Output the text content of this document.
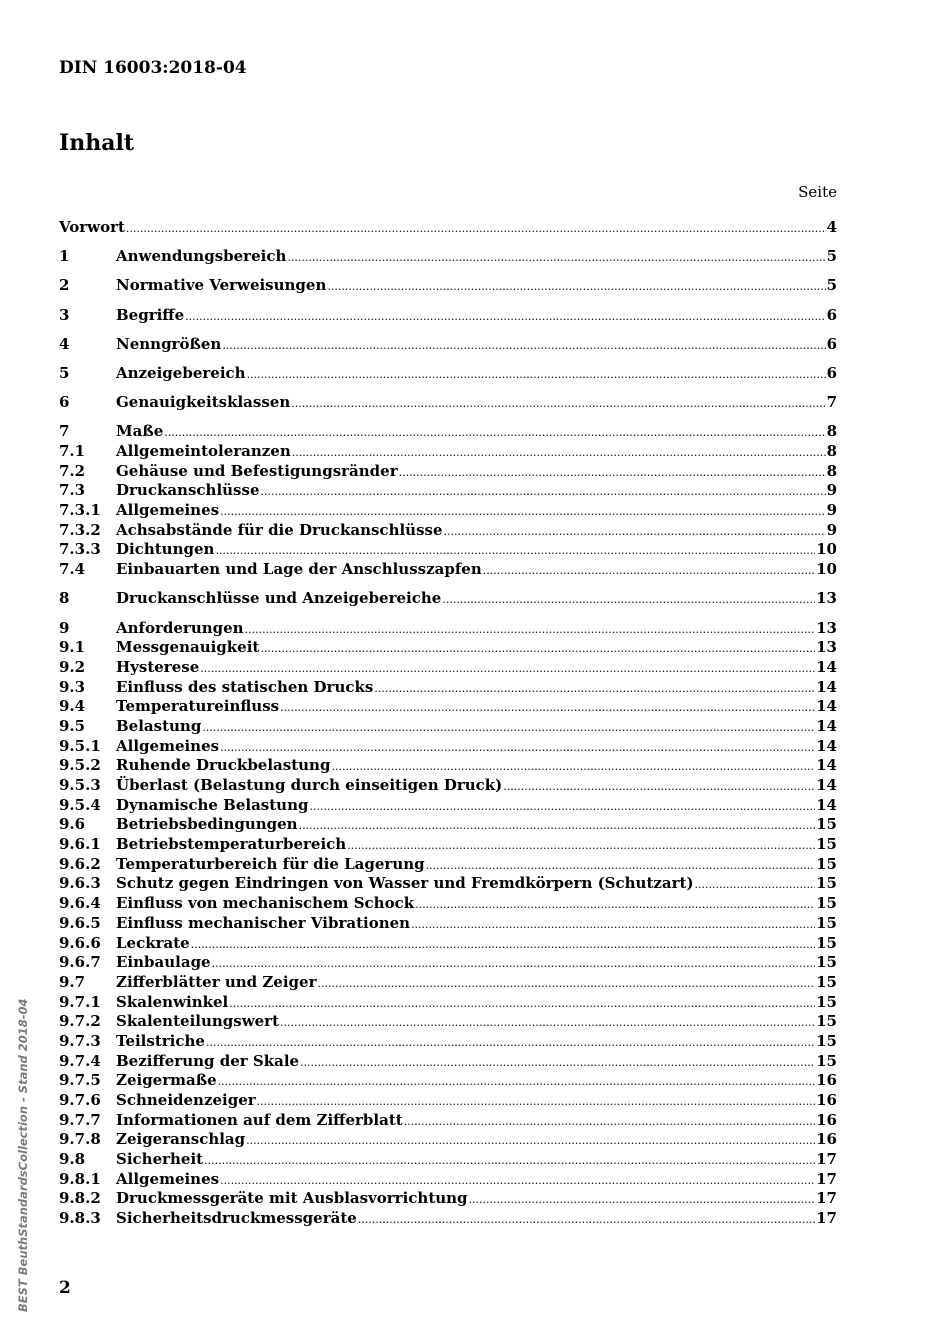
DIN 16003:2018-04
Inhalt
Seite
Vorwort .....	4
1	Anwendungsbereich .....	5
2	Normative Verweisungen .....	5
3	Begriffe .....	6
4	Nenngrößen .....	6
5	Anzeigebereich .....	6
6	Genauigkeitsklassen .....	7
7	Maße .....	8
7.1	Allgemeintoleranzen .....	8
7.2	Gehäuse und Befestigungsränder .....	8
7.3	Druckanschlüsse .....	9
7.3.1	Allgemeines .....	9
7.3.2	Achsabstände für die Druckanschlüsse .....	9
7.3.3	Dichtungen .....	10
7.4	Einbauarten und Lage der Anschlusszapfen .....	10
8	Druckanschlüsse und Anzeigebereiche .....	13
9	Anforderungen .....	13
9.1	Messgenauigkeit .....	13
9.2	Hysterese .....	14
9.3	Einfluss des statischen Drucks .....	14
9.4	Temperatureinfluss .....	14
9.5	Belastung .....	14
9.5.1	Allgemeines .....	14
9.5.2	Ruhende Druckbelastung .....	14
9.5.3	Überlast (Belastung durch einseitigen Druck) .....	14
9.5.4	Dynamische Belastung .....	14
9.6	Betriebsbedingungen .....	15
9.6.1	Betriebstemperaturbereich .....	15
9.6.2	Temperaturbereich für die Lagerung .....	15
9.6.3	Schutz gegen Eindringen von Wasser und Fremdkörpern (Schutzart) .....	15
9.6.4	Einfluss von mechanischem Schock .....	15
9.6.5	Einfluss mechanischer Vibrationen .....	15
9.6.6	Leckrate .....	15
9.6.7	Einbaulage .....	15
9.7	Zifferblätter und Zeiger .....	15
9.7.1	Skalenwinkel .....	15
9.7.2	Skalenteilungswert .....	15
9.7.3	Teilstriche .....	15
9.7.4	Bezifferung der Skale .....	15
9.7.5	Zeigermaße .....	16
9.7.6	Schneidenzeiger .....	16
9.7.7	Informationen auf dem Zifferblatt .....	16
9.7.8	Zeigeranschlag .....	16
9.8	Sicherheit .....	17
9.8.1	Allgemeines .....	17
9.8.2	Druckmessgeräte mit Ausblasvorrichtung .....	17
9.8.3	Sicherheitsdruckmessgeräte .....	17
BEST BeuthStandardsCollection - Stand 2018-04 2
